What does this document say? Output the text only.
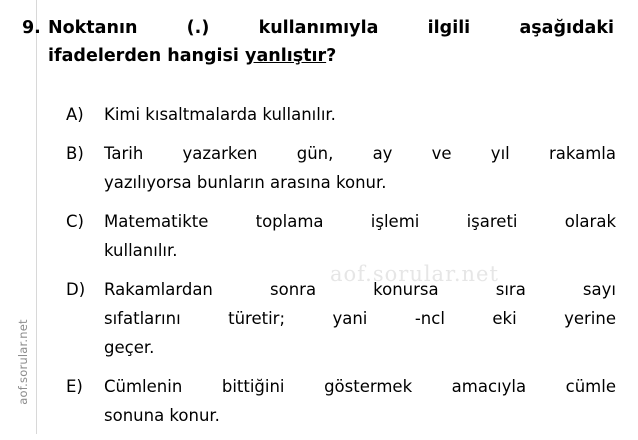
aof.sorular.net
aof.sorular.net
9. Noktanın (.) kullanımıyla ilgili aşağıdaki
ifadelerden hangisi yanlıştır?
A)	Kimi kısaltmalarda kullanılır.
B)	Tarih yazarken gün, ay ve yıl rakamla
yazılıyorsa bunların arasına konur.
C)	Matematikte toplama işlemi işareti olarak
kullanılır.
D)	Rakamlardan sonra konursa sıra sayı
sıfatlarını türetir; yani -ncl eki yerine
geçer.
E)	Cümlenin bittiğini göstermek amacıyla cümle
sonuna konur.
